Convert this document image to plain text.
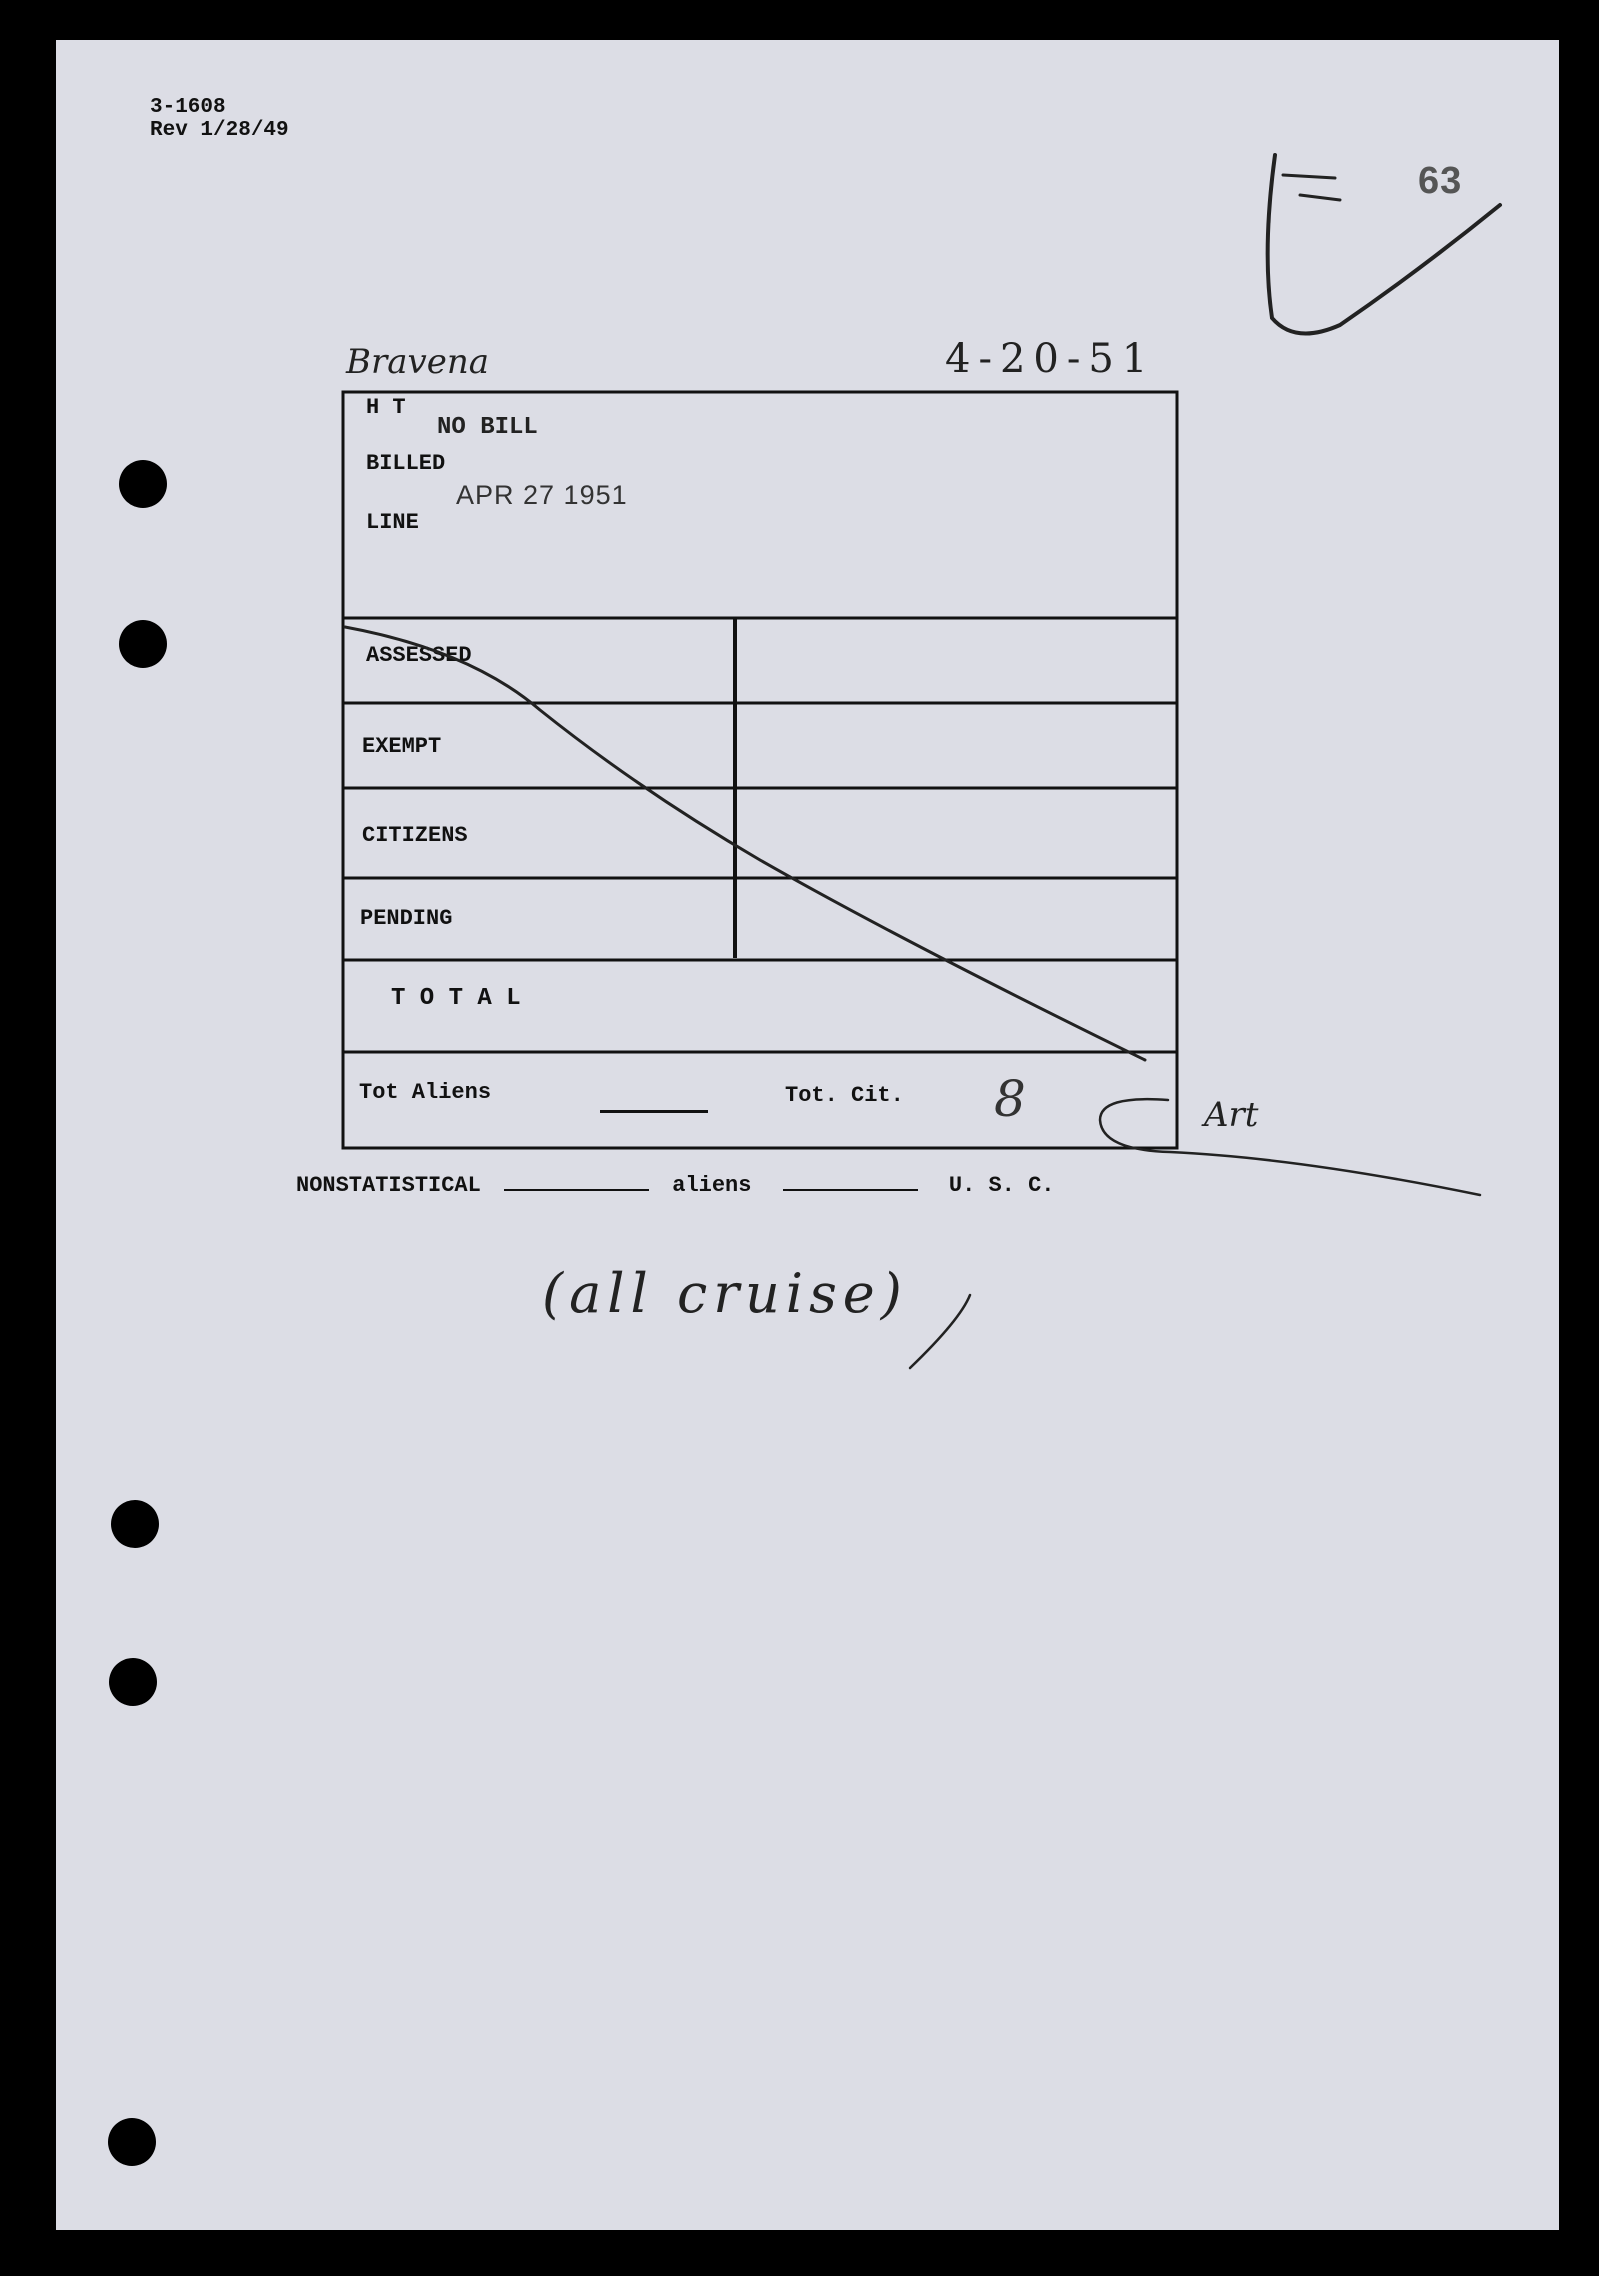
3-1608
Rev 1/28/49
63
Bravena	4-20-51
H T
NO BILL
BILLED
APR 27 1951
LINE
ASSESSED
EXEMPT
CITIZENS
PENDING
T O T A L
Tot Aliens	Tot. Cit. 8	Art
NONSTATISTICAL	aliens	U. S. C.
(all cruise)
